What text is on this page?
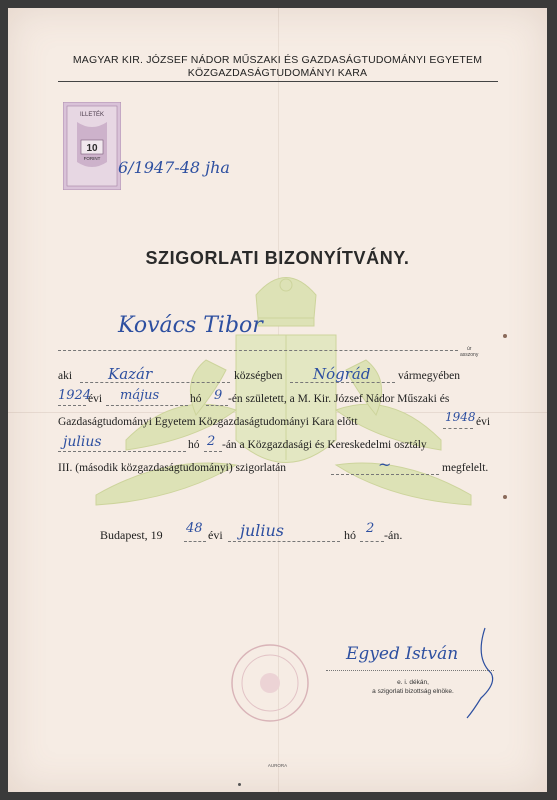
MAGYAR KIR. JÓZSEF NÁDOR MŰSZAKI ÉS GAZDASÁGTUDOMÁNYI EGYETEM
KÖZGAZDASÁGTUDOMÁNYI KARA
ILLETÉK
10
FORINT 6/1947-48 jha
SZIGORLATI BIZONYÍTVÁNY.
Kovács Tibor
úr
asszony
aki Kazár	községben Nógrád vármegyében
1924
évi május	hó 9 -én született, a M. Kir. József Nádor Műszaki és
Gazdaságtudományi Egyetem Közgazdaságtudományi Kara előtt	1948 évi
julius	hó 2 -án a Közgazdasági és Kereskedelmi osztály
III. (második közgazdaságtudományi) szigorlatán	~	megfelelt.
Budapest, 19 48 évi julius	hó 2 -án.
Egyed István
e. i. dékán,
a szigorlati bizottság elnöke.
AURORA
